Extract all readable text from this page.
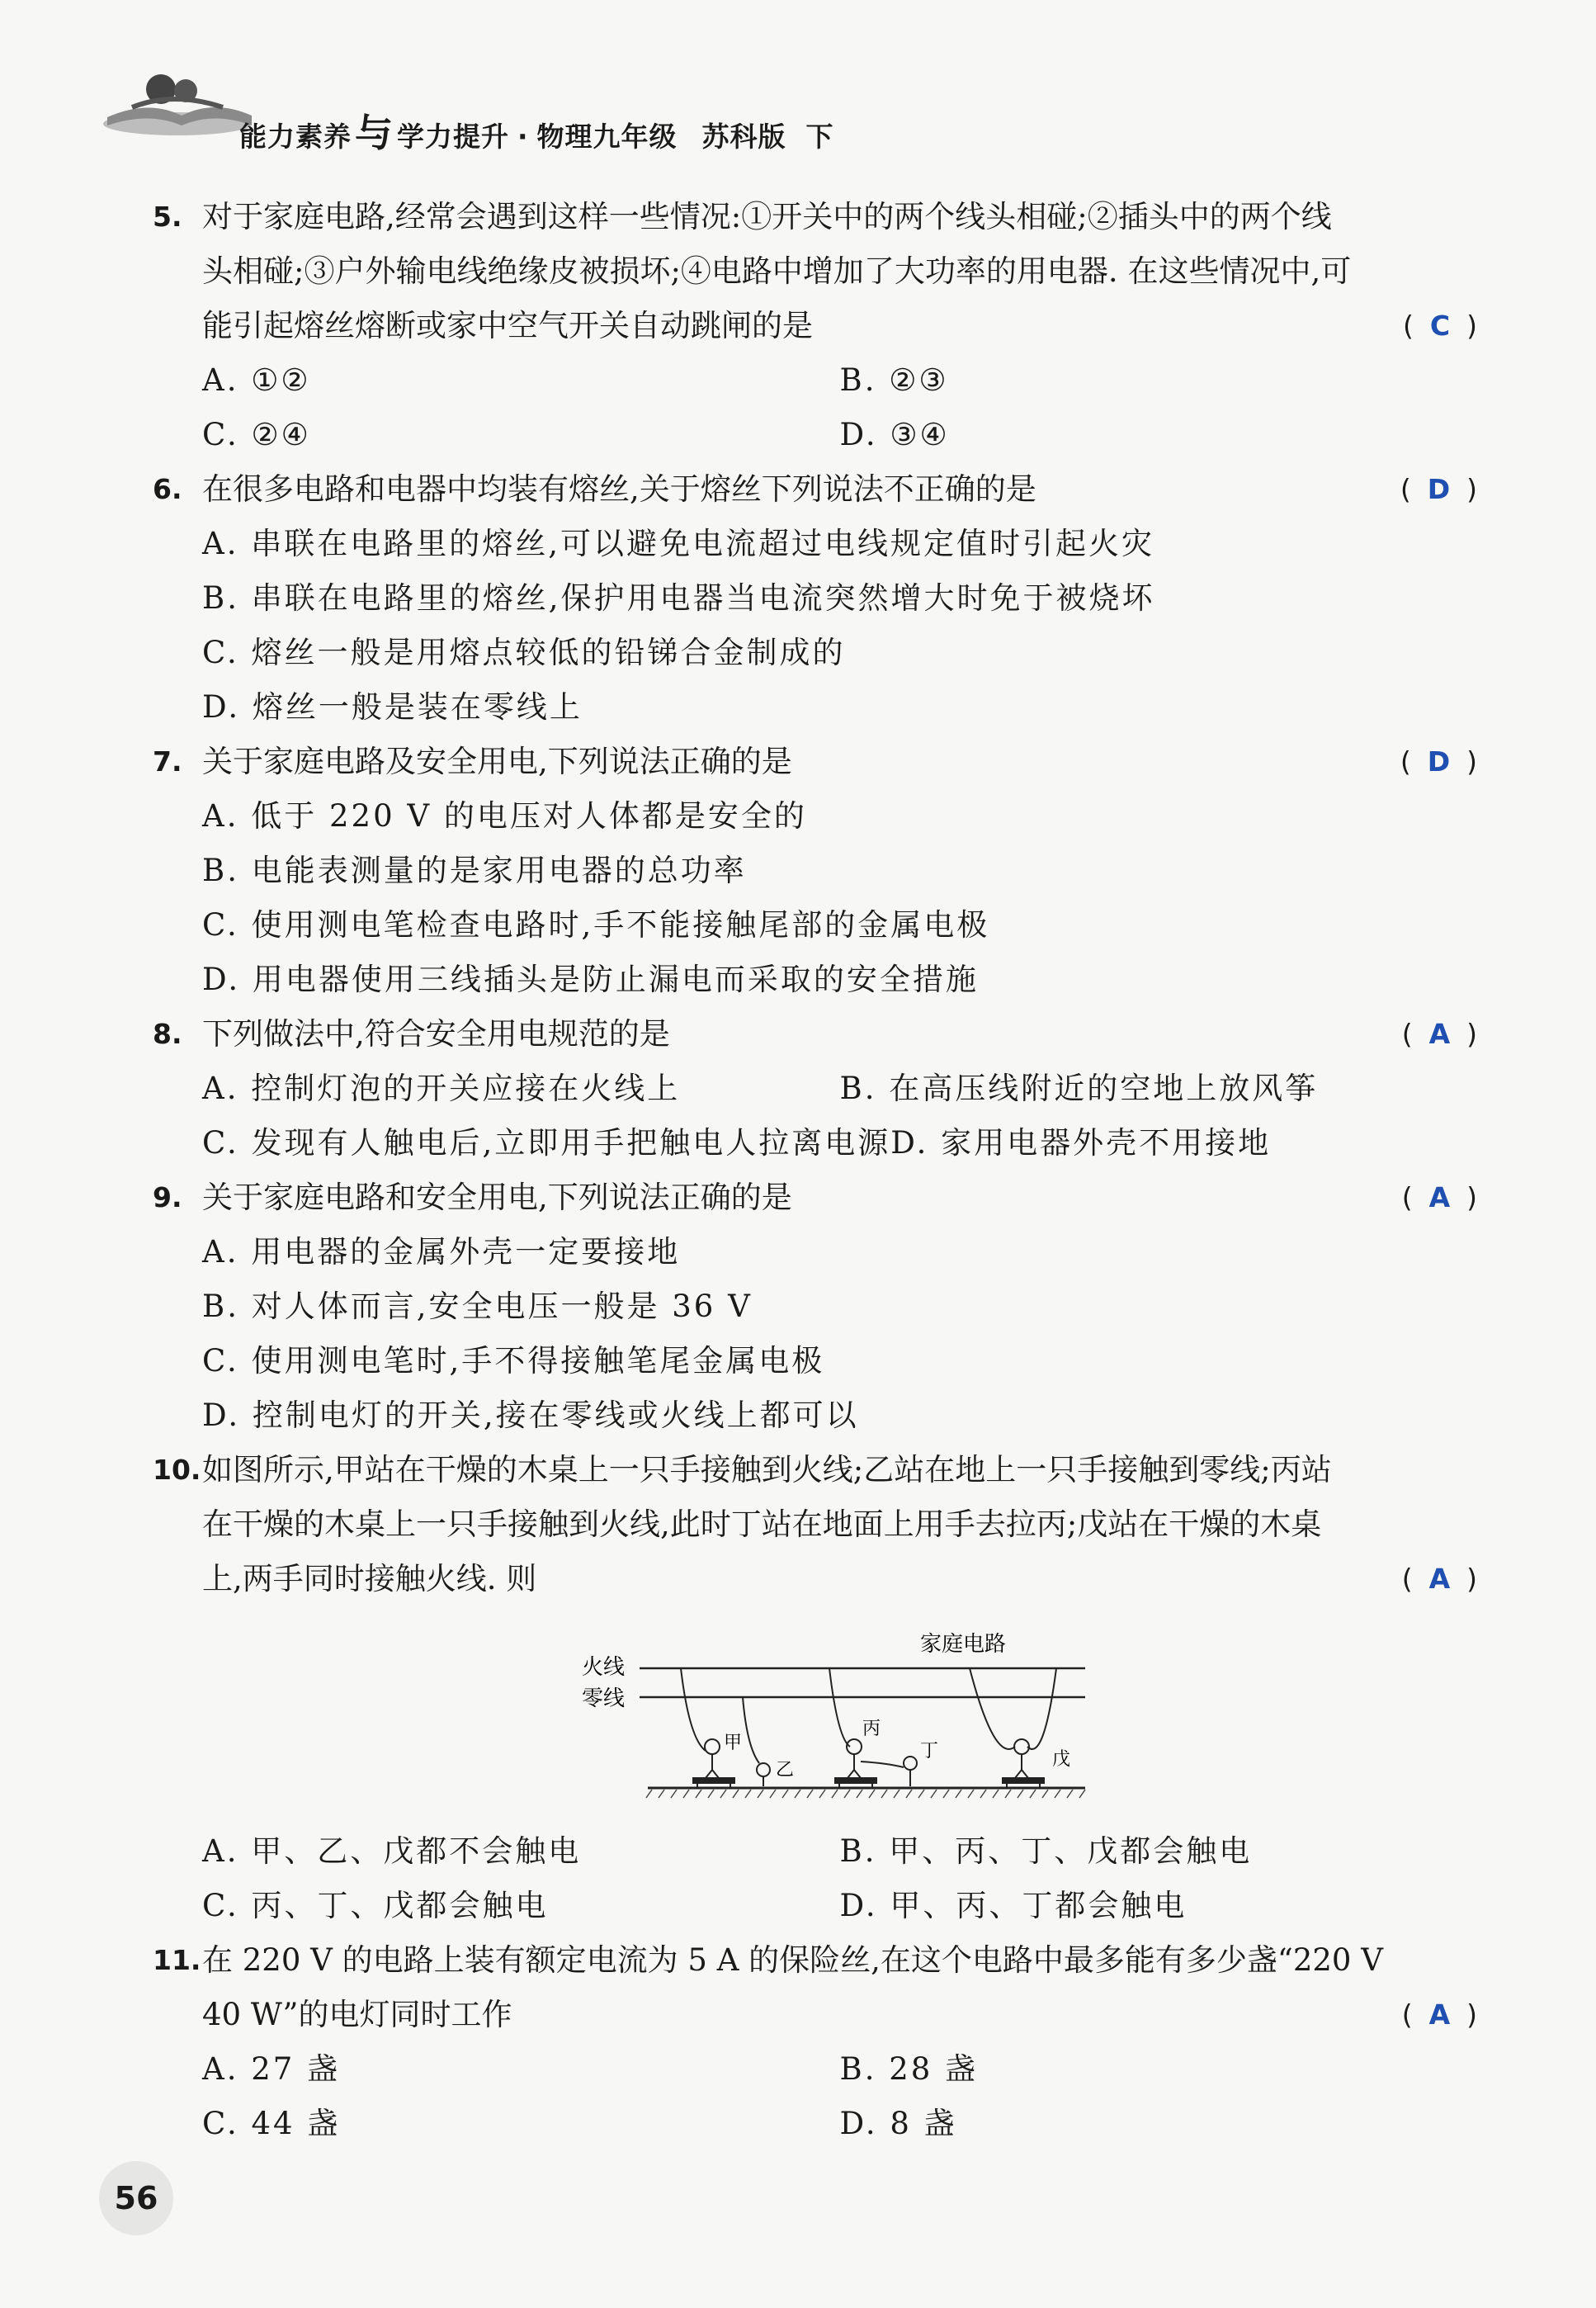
能力素养与 学力提升 · 物理九年级 苏科版 下
5. 对于家庭电路,经常会遇到这样一些情况:①开关中的两个线头相碰;②插头中的两个线
头相碰;③户外输电线绝缘皮被损坏;④电路中增加了大功率的用电器. 在这些情况中,可
能引起熔丝熔断或家中空气开关自动跳闸的是	( C )
A. ①②	B. ②③
C. ②④	D. ③④
6. 在很多电路和电器中均装有熔丝,关于熔丝下列说法不正确的是	( D )
A. 串联在电路里的熔丝,可以避免电流超过电线规定值时引起火灾
B. 串联在电路里的熔丝,保护用电器当电流突然增大时免于被烧坏
C. 熔丝一般是用熔点较低的铅锑合金制成的
D. 熔丝一般是装在零线上
7. 关于家庭电路及安全用电,下列说法正确的是	( D )
A. 低于 220 V 的电压对人体都是安全的
B. 电能表测量的是家用电器的总功率
C. 使用测电笔检查电路时,手不能接触尾部的金属电极
D. 用电器使用三线插头是防止漏电而采取的安全措施
8. 下列做法中,符合安全用电规范的是	( A )
A. 控制灯泡的开关应接在火线上	B. 在高压线附近的空地上放风筝
C. 发现有人触电后,立即用手把触电人拉离电源 D. 家用电器外壳不用接地
9. 关于家庭电路和安全用电,下列说法正确的是	( A )
A. 用电器的金属外壳一定要接地
B. 对人体而言,安全电压一般是 36 V
C. 使用测电笔时,手不得接触笔尾金属电极
D. 控制电灯的开关,接在零线或火线上都可以
10. 如图所示,甲站在干燥的木桌上一只手接触到火线;乙站在地上一只手接触到零线;丙站
在干燥的木桌上一只手接触到火线,此时丁站在地面上用手去拉丙;戊站在干燥的木桌
上,两手同时接触火线. 则	( A )
家庭电路
火线
零线
甲
乙
丙
丁	戊
A. 甲、乙、戊都不会触电	B. 甲、丙、丁、戊都会触电
C. 丙、丁、戊都会触电	D. 甲、丙、丁都会触电
11. 在 220 V 的电路上装有额定电流为 5 A 的保险丝,在这个电路中最多能有多少盏“220 V
40 W”的电灯同时工作	( A )
A. 27 盏	B. 28 盏
C. 44 盏	D. 8 盏
56
